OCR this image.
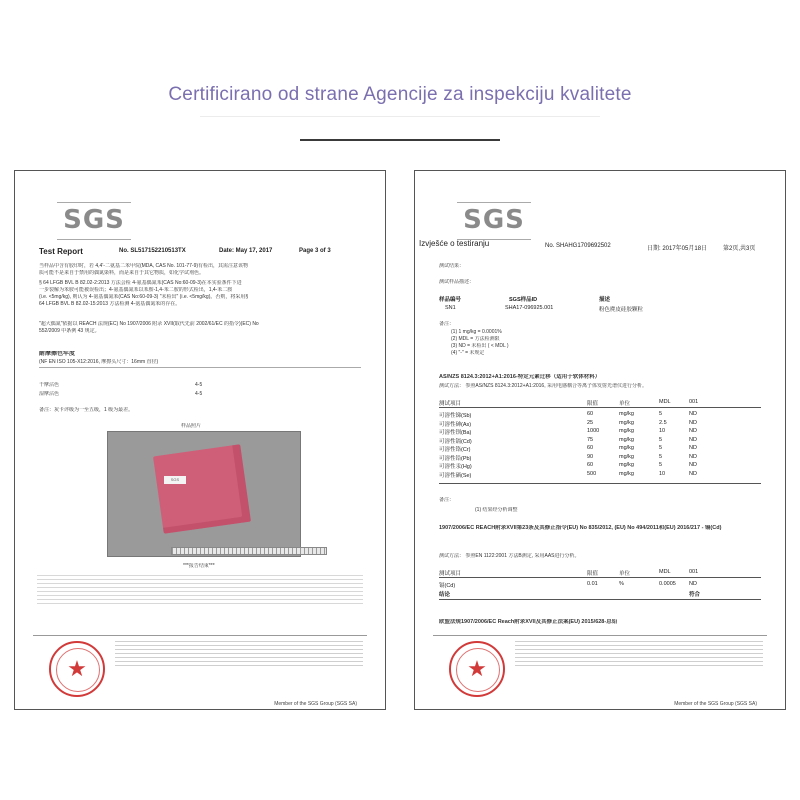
Certificirano od strane Agencije za inspekciju kvalitete
SGS
Test Report	No. SL517152210513TX	Date: May 17, 2017	Page 3 of 3
当样品中含有胶印时，若 4,4'-二氨基二苯甲烷(MDA, CAS No. 101-77-9)有检出，其需注意该物
质可能不是来自于禁用的偶氮染料，而是来自于其它物质，如化学试剂色。
§ 64 LFGB BVL B 82.02-2:2013 方法会检 4-氨基偶氮苯(CAS No:60-09-3)在本实验条件下进
一步裂解为苯胺可能被误检出；4-氨基偶氮苯以苯胺-1,4-苯二胺的形式检出，1,4-苯二胺
(i.e. <5mg/kg), 则认为 4-氨基偶氮苯(CAS No:60-09-3) "未检出" (i.e. <5mg/kg)。否则，将采用§
64 LFGB BVL B 82.02-15:2013 方法检测 4-氨基偶氮苯的存在。
"超大偶氮"依据以 REACH 法规(EC) No 1907/2006 附录 XVII(取代先前 2002/61/EC 的指令)(EC) No
552/2009 中条例 43 规定。
耐摩擦色牢度
(NF EN ISO 105-X12:2016, 摩擦头尺寸：16mm 直径)
干摩沾色	4-5
湿摩沾色	4-5
备注：灰卡评级为一至五级，1 级为最差。
样品照片
SGS
***报告结束***
★
Member of the SGS Group (SGS SA)
SGS
Izvješće o testiranju	No. SHAHG1709692502	日期: 2017年05月18日	第2页,共3页
测试结果：
测试样品描述：
样品编号	SGS样品ID	描述
SN1	SHA17-096925.001	粉色麂皮硅胶颗粒
备注：
(1) 1 mg/kg = 0.0001%
(2) MDL = 方法检测限
(3) ND = 未检出 ( < MDL )
(4) "-" = 未规定
AS/NZS 8124.3:2012+A1:2016-特定元素迁移（适用于软体材料）
测试方法： 参照AS/NZS 8124.3:2012+A1:2016, 采用电感耦合等离子体发射光谱仪进行分析。
测试项目	限值	单位	MDL	001
备注：
(1) 结果经分析调整
1907/2006/EC REACH附录XVII第23条及其修正指令(EU) No 835/2012, (EU) No 494/2011和(EU) 2016/217 - 镉(Cd)
测试方法： 参照EN 1122:2001 方法B测定, 采用AAS进行分析。
测试项目	限值	单位	MDL	001
镉(Cd)	0.01	%	0.0005 ND
结论	符合
欧盟法规1907/2006/EC Reach附录XVII及其修正法案(EU) 2015/628-总铅
★
Member of the SGS Group (SGS SA)
可溶性锑(Sb)	60	mg/kg	5	ND
可溶性砷(As)	25	mg/kg	2.5	ND
可溶性钡(Ba)	1000	mg/kg	10	ND
可溶性镉(Cd)	75	mg/kg	5	ND
可溶性铬(Cr)	60	mg/kg	5	ND
可溶性铅(Pb)	90	mg/kg	5	ND
可溶性汞(Hg)	60	mg/kg	5	ND
可溶性硒(Se)	500	mg/kg	10	ND
